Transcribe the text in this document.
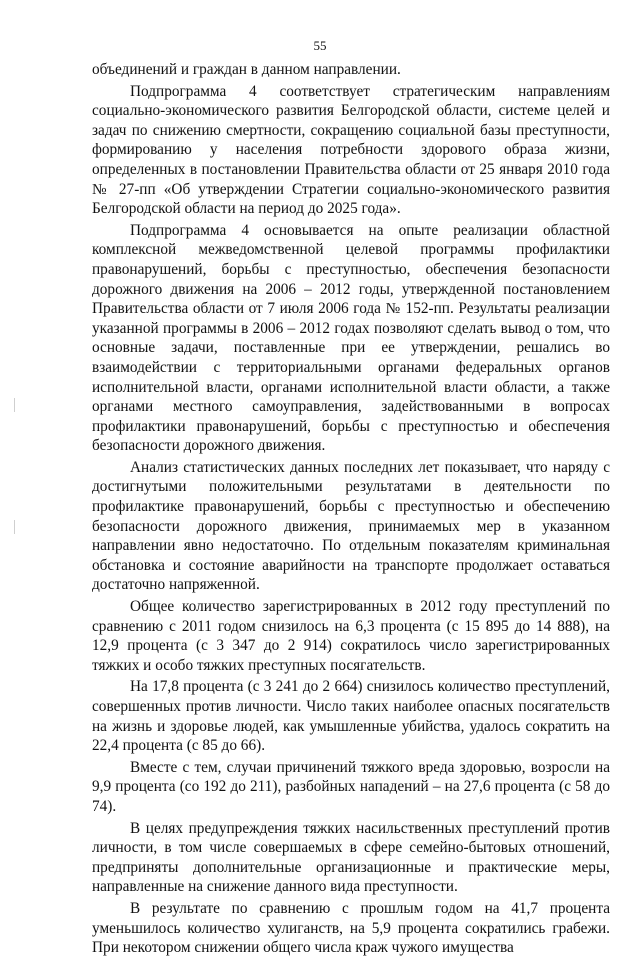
55

объединений и граждан в данном направлении.

Подпрограмма 4 соответствует стратегическим направлениям социально-экономического развития Белгородской области, системе целей и задач по снижению смертности, сокращению социальной базы преступности, формированию у населения потребности здорового образа жизни, определенных в постановлении Правительства области от 25 января 2010 года № 27-пп «Об утверждении Стратегии социально-экономического развития Белгородской области на период до 2025 года».

Подпрограмма 4 основывается на опыте реализации областной комплексной межведомственной целевой программы профилактики правонарушений, борьбы с преступностью, обеспечения безопасности дорожного движения на 2006 – 2012 годы, утвержденной постановлением Правительства области от 7 июля 2006 года № 152-пп. Результаты реализации указанной программы в 2006 – 2012 годах позволяют сделать вывод о том, что основные задачи, поставленные при ее утверждении, решались во взаимодействии с территориальными органами федеральных органов исполнительной власти, органами исполнительной власти области, а также органами местного самоуправления, задействованными в вопросах профилактики правонарушений, борьбы с преступностью и обеспечения безопасности дорожного движения.

Анализ статистических данных последних лет показывает, что наряду с достигнутыми положительными результатами в деятельности по профилактике правонарушений, борьбы с преступностью и обеспечению безопасности дорожного движения, принимаемых мер в указанном направлении явно недостаточно. По отдельным показателям криминальная обстановка и состояние аварийности на транспорте продолжает оставаться достаточно напряженной.

Общее количество зарегистрированных в 2012 году преступлений по сравнению с 2011 годом снизилось на 6,3 процента (с 15 895 до 14 888), на 12,9 процента (с 3 347 до 2 914) сократилось число зарегистрированных тяжких и особо тяжких преступных посягательств.

На 17,8 процента (с 3 241 до 2 664) снизилось количество преступлений, совершенных против личности. Число таких наиболее опасных посягательств на жизнь и здоровье людей, как умышленные убийства, удалось сократить на 22,4 процента (с 85 до 66).

Вместе с тем, случаи причинений тяжкого вреда здоровью, возросли на 9,9 процента (со 192 до 211), разбойных нападений – на 27,6 процента (с 58 до 74).

В целях предупреждения тяжких насильственных преступлений против личности, в том числе совершаемых в сфере семейно-бытовых отношений, предприняты дополнительные организационные и практические меры, направленные на снижение данного вида преступности.

В результате по сравнению с прошлым годом на 41,7 процента уменьшилось количество хулиганств, на 5,9 процента сократились грабежи. При некотором снижении общего числа краж чужого имущества
